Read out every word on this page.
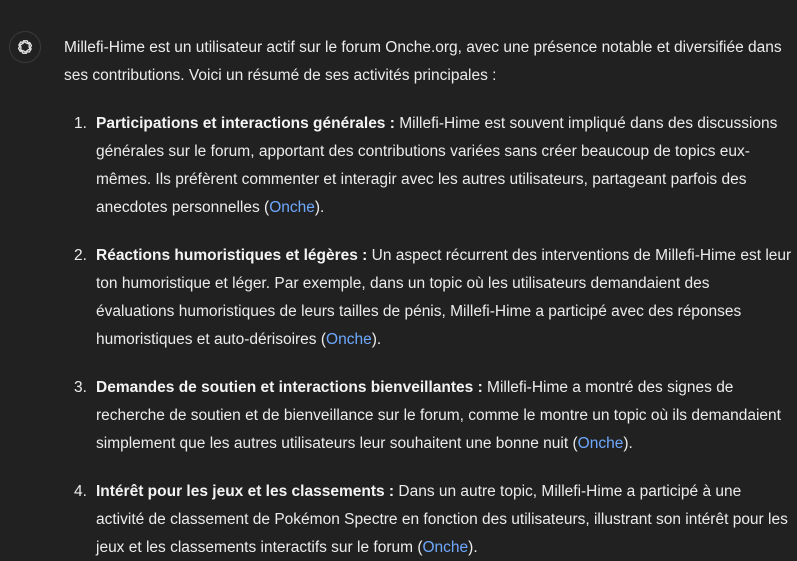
Millefi-Hime est un utilisateur actif sur le forum Onche.org, avec une présence notable et diversifiée dans ses contributions. Voici un résumé de ses activités principales :

1. Participations et interactions générales : Millefi-Hime est souvent impliqué dans des discussions générales sur le forum, apportant des contributions variées sans créer beaucoup de topics eux-mêmes. Ils préfèrent commenter et interagir avec les autres utilisateurs, partageant parfois des anecdotes personnelles (Onche).
2. Réactions humoristiques et légères : Un aspect récurrent des interventions de Millefi-Hime est leur ton humoristique et léger. Par exemple, dans un topic où les utilisateurs demandaient des évaluations humoristiques de leurs tailles de pénis, Millefi-Hime a participé avec des réponses humoristiques et auto-dérisoires (Onche).
3. Demandes de soutien et interactions bienveillantes : Millefi-Hime a montré des signes de recherche de soutien et de bienveillance sur le forum, comme le montre un topic où ils demandaient simplement que les autres utilisateurs leur souhaitent une bonne nuit (Onche).
4. Intérêt pour les jeux et les classements : Dans un autre topic, Millefi-Hime a participé à une activité de classement de Pokémon Spectre en fonction des utilisateurs, illustrant son intérêt pour les jeux et les classements interactifs sur le forum (Onche).
